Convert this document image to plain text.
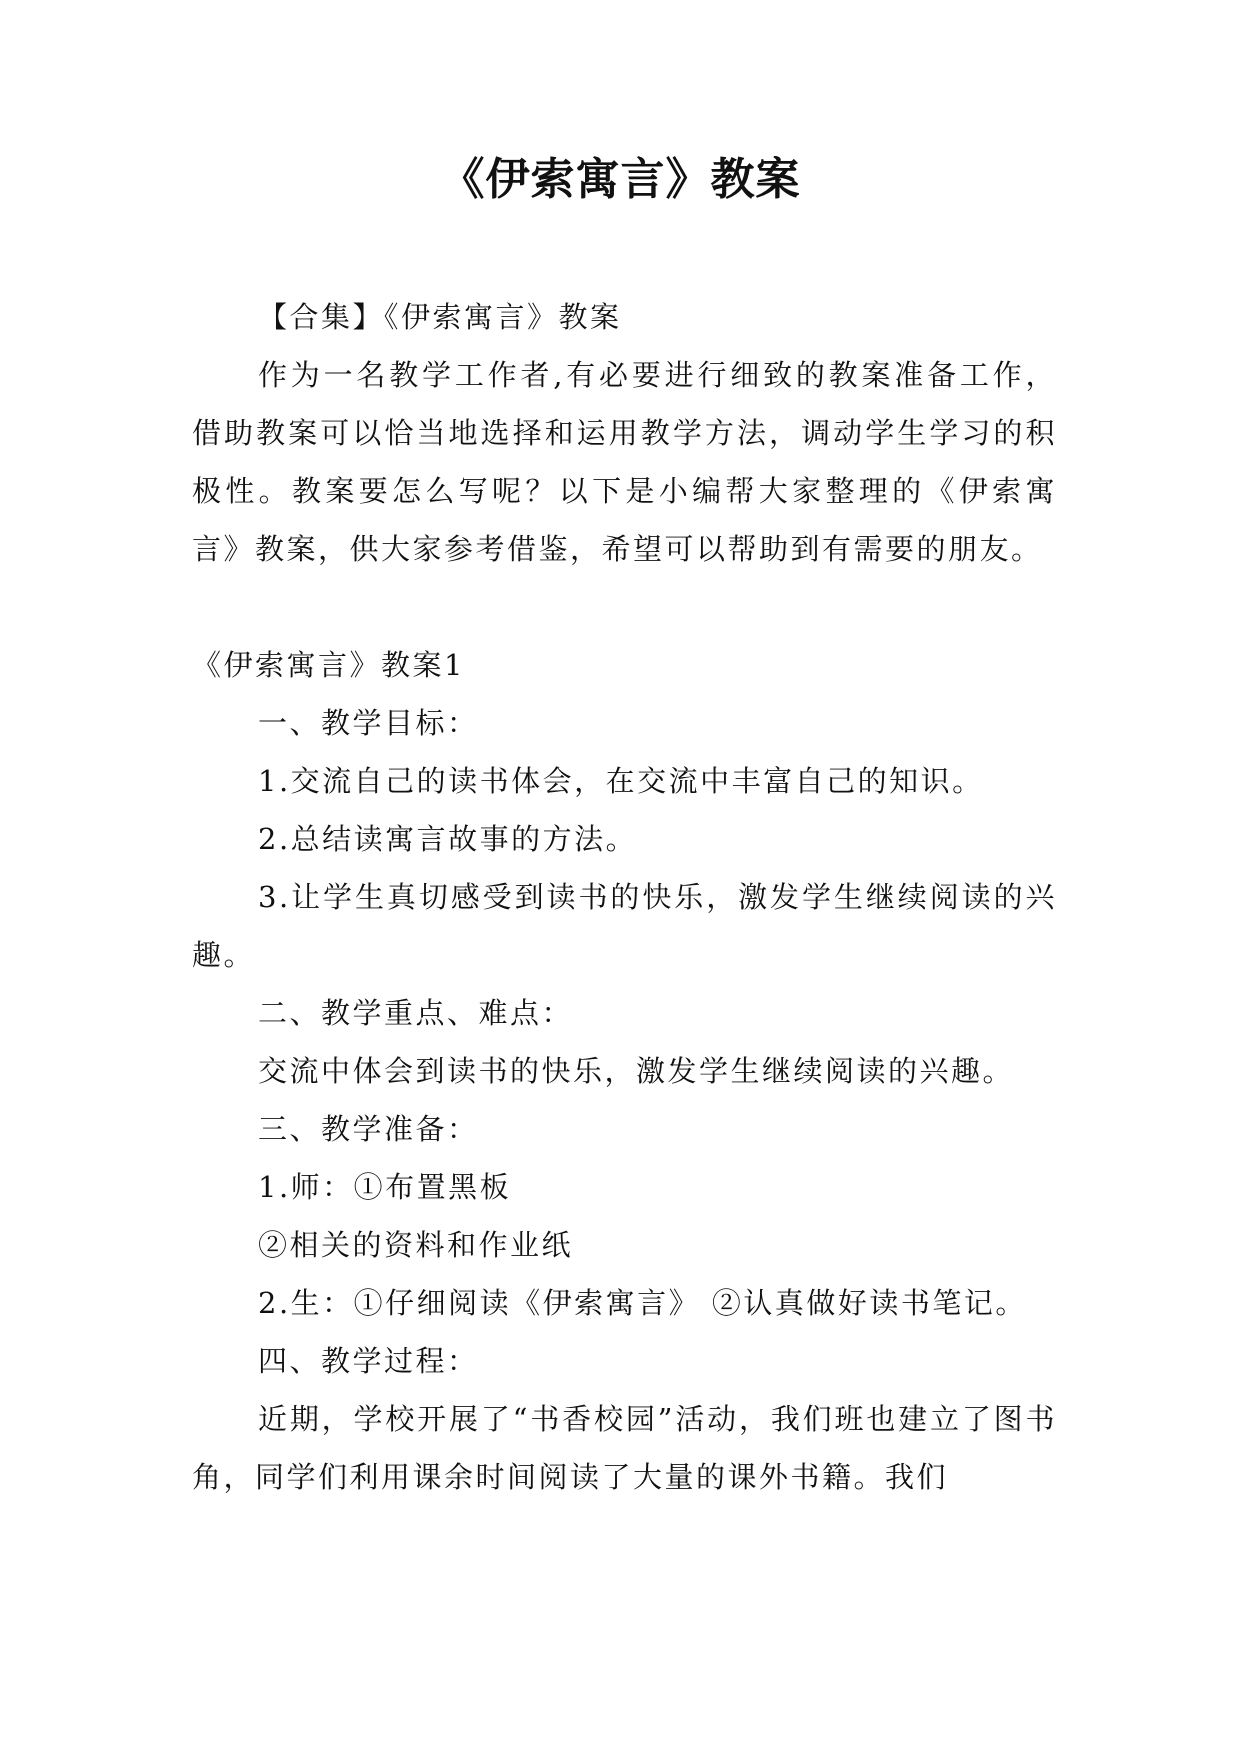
《伊索寓言》教案

【合集】《伊索寓言》教案

作为一名教学工作者,有必要进行细致的教案准备工作，借助教案可以恰当地选择和运用教学方法，调动学生学习的积极性。教案要怎么写呢？以下是小编帮大家整理的《伊索寓言》教案，供大家参考借鉴，希望可以帮助到有需要的朋友。

《伊索寓言》教案1

一、教学目标：

1.交流自己的读书体会，在交流中丰富自己的知识。

2.总结读寓言故事的方法。

3.让学生真切感受到读书的快乐，激发学生继续阅读的兴趣。

二、教学重点、难点：

交流中体会到读书的快乐，激发学生继续阅读的兴趣。

三、教学准备：

1.师：①布置黑板

②相关的资料和作业纸

2.生：①仔细阅读《伊索寓言》 ②认真做好读书笔记。

四、教学过程：

近期，学校开展了“书香校园”活动，我们班也建立了图书角，同学们利用课余时间阅读了大量的课外书籍。我们
